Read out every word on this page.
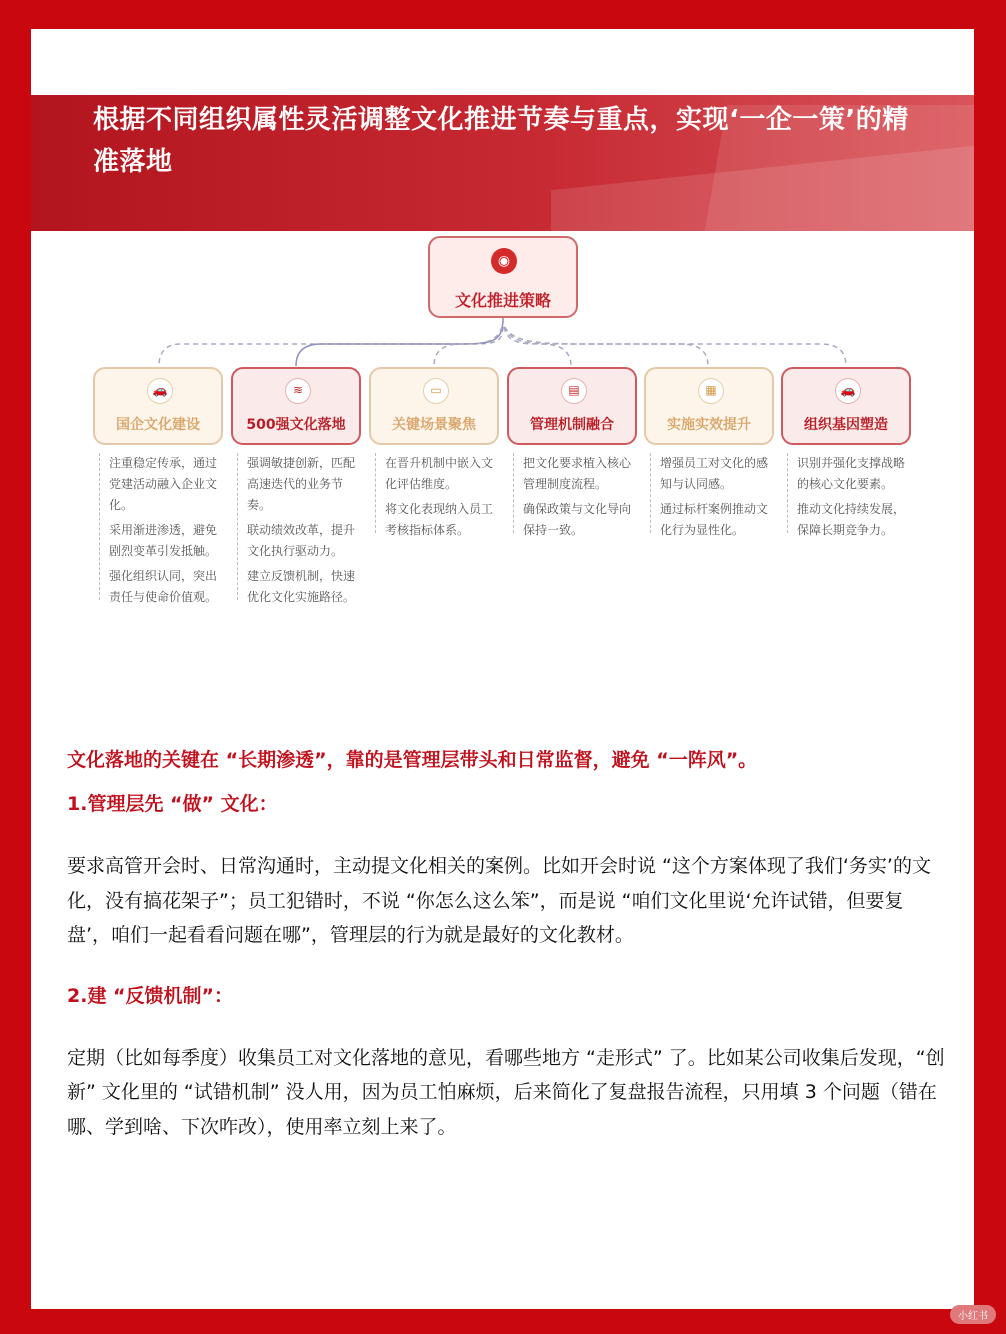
根据不同组织属性灵活调整文化推进节奏与重点，实现‘一企一策’的精准落地
◉
文化推进策略
🚗
国企文化建设
注重稳定传承，通过党建活动融入企业文化。
采用渐进渗透，避免剧烈变革引发抵触。
强化组织认同，突出责任与使命价值观。
≋
500强文化落地
强调敏捷创新，匹配高速迭代的业务节奏。
联动绩效改革，提升文化执行驱动力。
建立反馈机制，快速优化文化实施路径。
▭
关键场景聚焦
在晋升机制中嵌入文化评估维度。
将文化表现纳入员工考核指标体系。
▤
管理机制融合
把文化要求植入核心管理制度流程。
确保政策与文化导向保持一致。
▦
实施实效提升
增强员工对文化的感知与认同感。
通过标杆案例推动文化行为显性化。
🚗
组织基因塑造
识别并强化支撑战略的核心文化要素。
推动文化持续发展，保障长期竞争力。

文化落地的关键在 “长期渗透”，靠的是管理层带头和日常监督，避免 “一阵风”。

1.管理层先 “做” 文化：

要求高管开会时、日常沟通时，主动提文化相关的案例。比如开会时说 “这个方案体现了我们‘务实’的文化，没有搞花架子”；员工犯错时，不说 “你怎么这么笨”，而是说 “咱们文化里说‘允许试错，但要复盘’，咱们一起看看问题在哪”，管理层的行为就是最好的文化教材。

2.建 “反馈机制”：

定期（比如每季度）收集员工对文化落地的意见，看哪些地方 “走形式” 了。比如某公司收集后发现，“创新” 文化里的 “试错机制” 没人用，因为员工怕麻烦，后来简化了复盘报告流程，只用填 3 个问题（错在哪、学到啥、下次咋改），使用率立刻上来了。

小红书
